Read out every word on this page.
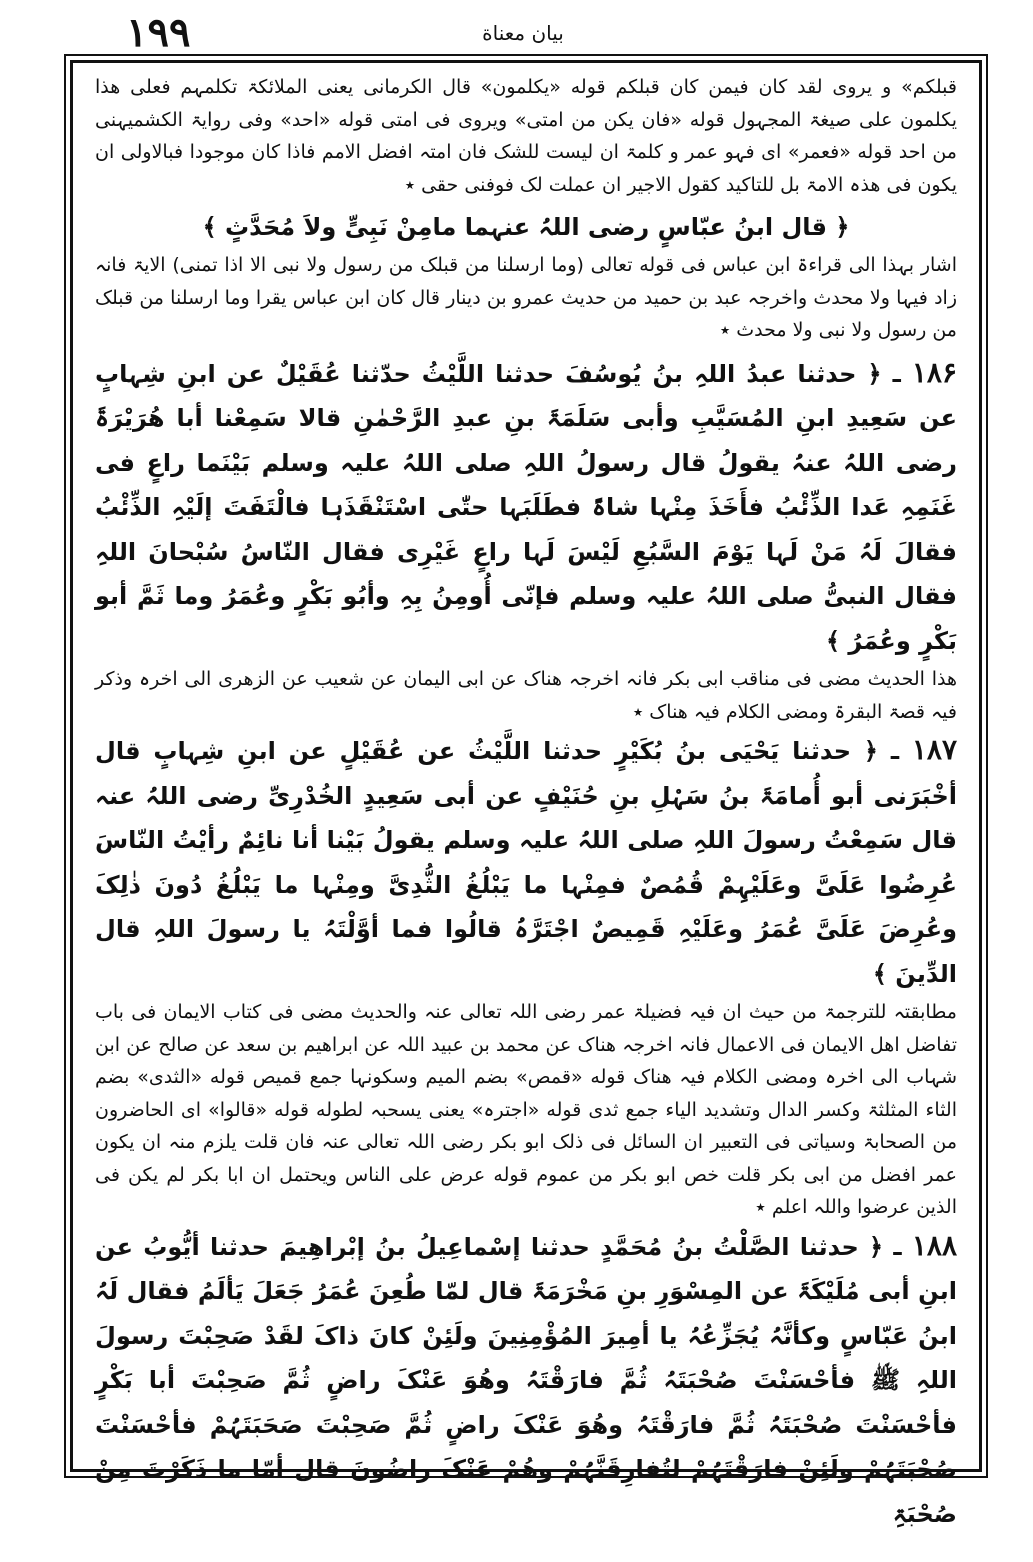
۱۹۹	بیان معناة

قبلکم» و یروی لقد کان فیمن کان قبلکم قوله «یکلمون» قال الکرمانی یعنی الملائکۃ تکلمہم فعلی ھذا یکلمون علی صیغۃ المجہول قوله «فان یکن من امتی» ویروی فی امتی قوله «احد» وفی روایۃ الکشمیہنی من احد قوله «فعمر» ای فہو عمر و کلمۃ ان لیست للشک فان امتہ افضل الامم فاذا کان موجودا فبالاولی ان یکون فی ھذہ الامۃ بل للتاکید کقول الاجیر ان عملت لک فوفنی حقی ٭

﴿ قال ابنُ عبّاسٍ رضی اللہُ عنہما مامِنْ نَبِیٍّ ولاَ مُحَدَّثٍ ﴾

اشار بہذا الی قراءۃ ابن عباس فی قوله تعالی (وما ارسلنا من قبلک من رسول ولا نبی الا اذا تمنی) الایۃ فانہ زاد فیہا ولا محدث واخرجہ عبد بن حمید من حدیث عمرو بن دینار قال کان ابن عباس یقرا وما ارسلنا من قبلک من رسول ولا نبی ولا محدث ٭

۱۸۶ ـ ﴿ حدثنا عبدُ اللہِ بنُ یُوسُفَ حدثنا اللَّیْثُ حدّثنا عُقَیْلٌ عن ابنِ شِہابٍ عن سَعِیدِ ابنِ المُسَیَّبِ وأبی سَلَمَۃَ بنِ عبدِ الرَّحْمٰنِ قالا سَمِعْنا أبا ھُرَیْرَۃَ رضی اللہُ عنہُ یقولُ قال رسولُ اللہِ صلی اللہُ علیہ وسلم بَیْنَما راعٍ فی غَنَمِہِ عَدا الذِّئْبُ فأَخَذَ مِنْہا شاۃً فطَلَبَہا حتّٰی اسْتَنْقَذَہا فالْتَفَتَ إلَیْہِ الذِّئْبُ فقالَ لَہُ مَنْ لَہا یَوْمَ السَّبُعِ لَیْسَ لَہا راعٍ غَیْرِی فقال النّاسُ سُبْحانَ اللہِ فقال النبیُّ صلی اللہُ علیہ وسلم فإنّی أُومِنُ بِہِ وأبُو بَکْرٍ وعُمَرُ وما ثَمَّ أبو بَکْرٍ وعُمَرُ ﴾

ھذا الحدیث مضی فی مناقب ابی بکر فانہ اخرجہ ھناک عن ابی الیمان عن شعیب عن الزھری الی اخرہ وذکر فیہ قصۃ البقرۃ ومضی الکلام فیہ ھناک ٭

۱۸۷ ـ ﴿ حدثنا یَحْیَی بنُ بُکَیْرٍ حدثنا اللَّیْثُ عن عُقَیْلٍ عن ابنِ شِہابٍ قال أخْبَرَنی أبو أُمامَۃَ بنُ سَہْلِ بنِ حُنَیْفٍ عن أبی سَعِیدٍ الخُدْرِیِّ رضی اللہُ عنہ قال سَمِعْتُ رسولَ اللہِ صلی اللہُ علیہ وسلم یقولُ بَیْنا أنا نائِمٌ رأیْتُ النّاسَ عُرِضُوا عَلَیَّ وعَلَیْہِمْ قُمُصٌ فمِنْہا ما یَبْلُغُ الثُّدِیَّ ومِنْہا ما یَبْلُغُ دُونَ ذٰلِکَ وعُرِضَ عَلَیَّ عُمَرُ وعَلَیْہِ قَمِیصٌ اجْتَرَّہُ قالُوا فما أوَّلْتَہُ یا رسولَ اللہِ قال الدِّینَ ﴾

مطابقتہ للترجمۃ من حیث ان فیہ فضیلۃ عمر رضی اللہ تعالی عنہ والحدیث مضی فی کتاب الایمان فی باب تفاضل اھل الایمان فی الاعمال فانہ اخرجہ ھناک عن محمد بن عبید اللہ عن ابراھیم بن سعد عن صالح عن ابن شہاب الی اخرہ ومضی الکلام فیہ ھناک قوله «قمص» بضم المیم وسکونہا جمع قمیص قوله «الثدی» بضم الثاء المثلثۃ وکسر الدال وتشدید الیاء جمع ثدی قوله «اجترہ» یعنی یسحبہ لطوله قوله «قالوا» ای الحاضرون من الصحابۃ وسیاتی فی التعبیر ان السائل فی ذلک ابو بکر رضی اللہ تعالی عنہ فان قلت یلزم منہ ان یکون عمر افضل من ابی بکر قلت خص ابو بکر من عموم قوله عرض علی الناس ویحتمل ان ابا بکر لم یکن فی الذین عرضوا واللہ اعلم ٭

۱۸۸ ـ ﴿ حدثنا الصَّلْتُ بنُ مُحَمَّدٍ حدثنا إسْماعِیلُ بنُ إبْراھِیمَ حدثنا أیُّوبُ عن ابنِ أبی مُلَیْکَۃَ عن المِسْوَرِ بنِ مَخْرَمَۃَ قال لمّا طُعِنَ عُمَرُ جَعَلَ یَألَمُ فقال لَہُ ابنُ عَبّاسٍ وکأنَّہُ یُجَزِّعُہُ یا أمِیرَ المُؤْمِنِینَ ولَئِنْ کانَ ذاکَ لقَدْ صَحِبْتَ رسولَ اللہِ ﷺ فأحْسَنْتَ صُحْبَتَہُ ثُمَّ فارَقْتَہُ وھُوَ عَنْکَ راضٍ ثُمَّ صَحِبْتَ أبا بَکْرٍ فأحْسَنْتَ صُحْبَتَہُ ثُمَّ فارَقْتَہُ وھُوَ عَنْکَ راضٍ ثُمَّ صَحِبْتَ صَحَبَتَہُمْ فأحْسَنْتَ صُحْبَتَہُمْ ولَئِنْ فارَقْتَہُمْ لتُفارِقَنَّہُمْ وھُمْ عَنْکَ راضُونَ قال أمّا ما ذَکَرْتَ مِنْ صُحْبَۃِ
